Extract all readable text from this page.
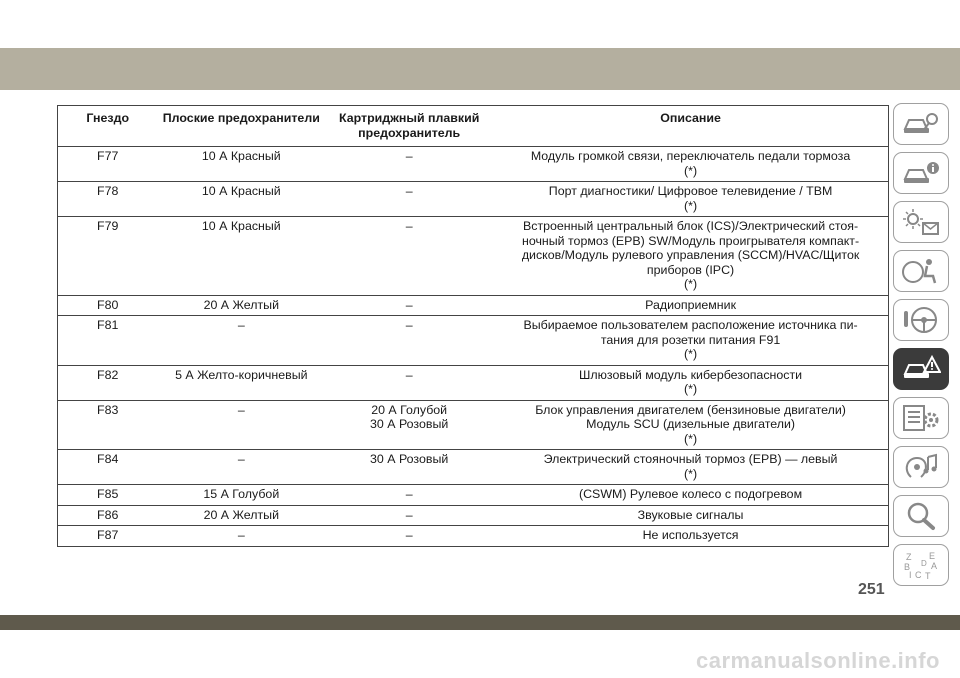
Гнездо	Плоские предохранители	Картриджный плавкий
предохранитель	Описание
F77	10 А Красный	–	Модуль громкой связи, переключатель педали тормоза
(*)

F78	10 А Красный	–	Порт диагностики/ Цифровое телевидение / ТВМ
(*)

F79	10 А Красный	–	Встроенный центральный блок (ICS)/Электрический стоя-
ночный тормоз (EPB) SW/Модуль проигрывателя компакт-
дисков/Модуль рулевого управления (SCCM)/HVAC/Щиток
приборов (IPC)
(*)

F80	20 А Желтый	–	Радиоприемник

F81	–	–	Выбираемое пользователем расположение источника пи-
тания для розетки питания F91
(*)

F82	5 А Желто-коричневый	–	Шлюзовый модуль кибербезопасности
(*)

F83	–	20 А Голубой
30 А Розовый	Блок управления двигателем (бензиновые двигатели)
Модуль SCU (дизельные двигатели)
(*)

F84	–	30 А Розовый	Электрический стояночный тормоз (EPB) — левый
(*)

F85	15 А Голубой	–	(CSWM) Рулевое колесо с подогревом

F86	20 А Желтый	–	Звуковые сигналы

F87	–	–	Не используется
Z E
B A
D
C T
I
251
carmanualsonline.info
